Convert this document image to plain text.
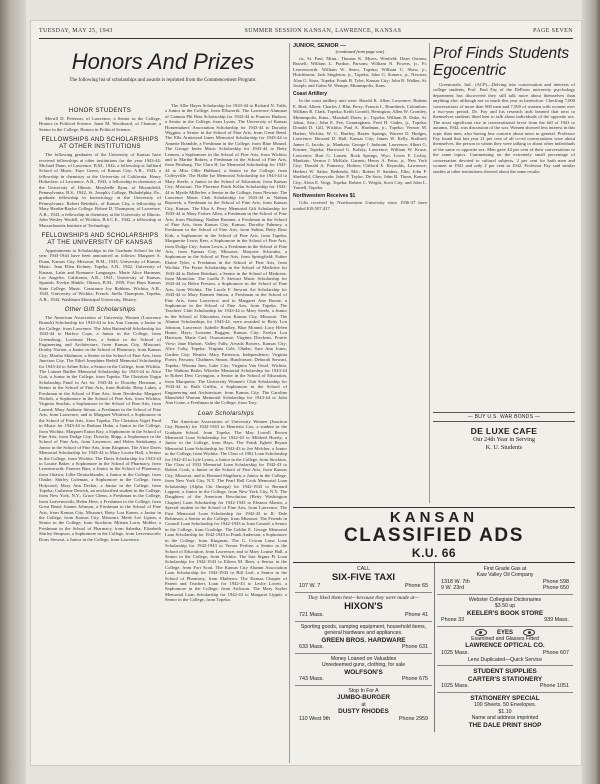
TUESDAY, MAY 25, 1943	SUMMER SESSION KANSAN, LAWRENCE, KANSAS	PAGE SEVEN
Honors And Prizes
The following list of scholarships and awards is reprinted from the Commencement Program:
HONOR STUDENTS

Merrill D. Peterson, of Lawrence, a Senior in the College, Honors in Political Science. Janet M. Woodward, of Chanute, a Senior in the College, Honors in Political Science.

FELLOWSHIPS AND SCHOLARSHIPS AT OTHER INSTITUTIONS

The following graduates of the University of Kansas have received fellowships at other institutions for the year 1943-44: Michael Dunn, of Lawrence, B.M., 1942, a fellowship at Juilliard School of Music. Faye Green, of Kansas City, A.B., 1943, a fellowship in chemistry at the University of California. Henry Holtzclaw, of Lawrence, A.B., 1943, a fellowship in chemistry at the University of Illinois. Marybelle Ryan, of Bloomfield, Pennsylvania, B.S., 1942, St. Joseph's College, Philadelphia, Pa., graduate fellowship in bacteriology at the University of Pennsylvania. Robert Reinholz, of Kansas City, a fellowship at Mary Hardin-Baylor College. Robert D. Thompson, of Lawrence, A.B., 1943, a fellowship in chemistry at the University of Illinois. John Wesley Wodell, of Wichita, B.S.C.E., 1942, a fellowship at Massachusetts Institute of Technology.

FELLOWSHIPS AND SCHOLARSHIPS AT THE UNIVERSITY OF KANSAS

Appointments to Scholarships in the Graduate School for the year 1943-1944 have been announced as follows: Margaret A. Dunn, Kansas City, Missouri, B.M., 1943, University of Kansas, Music. Jean Ellen Eichner, Topeka, A.B., 1942, University of Kansas, Latin and Romance Languages. Marie Alice Hartman, Los Angeles, California, A.B., 1941, University of Kansas, Spanish. Evelyn Hinkle, Ottawa, B.M., 1939, Fort Hays Kansas State College, Music. Constance Joy Robbins, Wichita, A.B., 1943, University of Wichita, French. Stella Thompson, Topeka, A.B., 1943, Washburn Municipal University, History.

Other Gift Scholarships

The American Association of University Women (Lawrence Branch) Scholarship for 1943-44 to Iris Ann Coman, a Junior in the College, from Lawrence. The John Battenfeld Scholarship for 1943-44 to Harlow Cope, a Junior in the College, from Greensburg; Lovemao Hess, a Senior in the School of Engineering and Architecture, from Kansas City, Missouri; Dorthy Norton, a Junior in the School of Pharmacy, from Kansas City; Martha Skidmore, a Senior in the School of Fine Arts, from Junction City. The Ethel Josephine Bedell Memorial Scholarship for 1943-44 to Arline Ecke, a Senior in the College, from Wichita. The Lattner Baillee Memorial Scholarship for 1943-44 to Alice Gott, a Junior in the College, from Topeka. The Christian Virgin Scholarship Fund in Art for 1943-44 to Dorothy Hersman, a Senior in the School of Fine Arts, from Buffalo; Betty Lakey, a Freshman in the School of Fine Arts, from Neodesha; Margaret Nichols, a Sophomore in the School of Fine Arts, from Wichita; Virginia Sinclair, a Sophomore in the School of Fine Arts, from Larned; Mary Anthony Simon, a Freshman in the School of Fine Arts, from Lawrence; and to Margaret Whitford, a Sophomore in the School of Fine Arts, from Topeka. The Christian Vogel Fund in Music for 1943-44 to Barbara Huhn, a Junior in the College, from Wichita; Margaret Eaton Kay, a Sophomore in the School of Fine Arts, from Dodge City; Dorothy Shipp, a Sophomore in the School of Fine Arts, from Lawrence; and Helen Steinkamp, a Junior in the School of Fine Arts, from Kingman. The Alice Davis Memorial Scholarship for 1943-44 to Mary Louise Hall, a Senior in the College, from Wichita. The Davis Scholarship for 1943-44 to Louise Baker, a Sophomore in the School of Pharmacy, from Leavenworth; Frances Burr, a Junior in the School of Pharmacy, from Ottawa; Lillie Deutschlander, a Junior in the College, from Olathe; Shirley Coleman, a Sophomore in the College, from Holyrood; Mary Ann Decker, a Junior in the College, from Topeka; Catherine Derrick, an unclassified student in the College, from New York, N.Y.; Grace Glenn, a Freshman in the College, from Leavenworth; Helen Hess, a Freshman in the College, from Great Bend; Joanne Johnson, a Freshman in the School of Fine Arts, from Kansas City, Missouri; Betty Lou Kanen, a Junior in the College, from Kansas City, Missouri; Merle Lee Lipton, a Senior in the College, from Stockton; Miriam Lorry Mohler, a Freshman in the School of Pharmacy, from Sabetha; Elizabeth Shirley Simpson, a Sophomore in the College, from Leavenworth; Doris Stewart, a Junior in the College, from Lawrence.

The Allie Hayes Scholarship for 1943-44 to Richard N. Tubb, a Junior in the College, from Ellsworth. The Lawrence Alumnae of Gamma Phi Beta Scholarship for 1943-44 to Frances Hudson, a Senior in the College, from Lyons. The University of Kansas Homemakers' Association Scholarship for 1943-44 to Dorothy Wiggins, a Senior in the School of Fine Arts, from Great Bend. The Ella Armistead Jones Memorial Scholarship for 1943-44 to Annette Bramble, a Freshman in the College, from Blue Mound. The George Innes Music Scholarship for 1943-44 to Betty Lennen, a Sophomore in the School of Fine Arts, from Wichita; and to Marthe Rohrer, a Freshman in the School of Fine Arts, from Pittsburg. The Clara H. Ise Memorial Scholarship for 1943-44 to Miss Ollie Hubbard, a Senior in the College, from Coffeyville. The Hallie Ise Memorial Scholarship for 1943-44 to Mary Steele, a Junior in the School of Education, from Kansas City, Missouri. The Florence Finch Kellar Scholarship for 1943-44 to Myrtle Millerlee, a Senior in the College, from Newton. The Lawrence Music Club Scholarship for 1943-44 to Nathan Rayneck, a Freshman in the School of Fine Arts, from Kansas City, Kansas. The Elsa A. Perry Memorial Gift Scholarship for 1943-44 to Mary Forbes Allen, a Freshman in the School of Fine Arts, from Pittsburg; Nadine Brunner, a Freshman in the School of Fine Arts, from Kansas City, Kansas; Dorothy Fahnsey, a Freshman in the School of Fine Arts, from Salina; Betty Ross Kirk, a Sophomore in the School of Fine Arts, from Topeka; Marguerite Lewis Kerr, a Sophomore in the School of Fine Arts, from Dodge City; Joann Lewis, a Freshman in the School of Fine Arts, from Kansas City, Missouri; Marjorie Schwalm, a Sophomore in the School of Fine Arts, from Springfield; Esther Elaine Tyler, a Freshman in the School of Fine Arts, from Wichita. The Porter Scholarship in the School of Medicine for 1943-44 to Robert Reinhart, a Senior in the School of Medicine, from Montclair. The Luella F. Stewart Music Scholarship for 1943-44 to Helen Preston, a Sophomore in the School of Fine Arts, from Wichita. The Lucile F. Stewart Art Scholarship for 1943-44 to Mary Emmett Sinton, a Freshman in the School of Fine Arts, from Lawrence; and to Margaret Ann Boone, a Sophomore in the School of Fine Arts, from Topeka. The Teachers' Club Scholarship for 1943-44 to Mary Steele, a Junior in the School of Education, from Kansas City, Missouri. The Alumni Scholarships for 1943-44, were awarded to Betty Lou Johnson, Lawrence; Isabelle Bradley, Blue Mound; Lucy Helen Hurne, Hays; Lorraine Boggan, Kansas City; Evelyn Lou Harrison; Marie Carl, Osawatomie; Virginia Dieckens, Prairie View; Jane Ehrhart, Valley Falls; Arvada Bowers, Kansas City; Alice Coby, Topeka; Virginia Cole, Olathe; Sara Ann Jones, Garden City; Beatrix Mary Patterson, Independence; Virginia Porter, Parsons; Chalmers Simon, Hutchinson; Deborah Stewart, Topeka; Winona Ines, Lake City; Virginia Van Ossel, Wichita. The Watkins Bailes Wheeler Memorial Scholarship for 1943-44 to Robert Dew Covington, a Senior in the School of Education, from Marquette. The University Women's Club Scholarship for 1943-44 to Ruth Griffin, a Sophomore in the School of Engineering and Architecture, from Kansas City. The Caroline Mansfield Woman Memorial Scholarship for 1943-44 to Julia Ann Crane, a Freshman in the College, from Troy.

Loan Scholarships

The American Association of University Women (Junction City Branch) for 1942-1943 to Henrietta Cox, a student in the Graduate School, from Topeka. The May Lowell Brown Memorial Loan Scholarship for 1942-43 to Mildred Huerly, a Junior in the College, from Hays. The Frank Egbert Bryant Memorial Loan Scholarship for 1942-43 to Joe Melcher, a Junior in the College, from Wichita. The Class of 1902 Loan Scholarship for 1942-43 to Lyle Lyons, a Junior in the College, from Stockton. The Class of 1932 Memorial Loan Scholarship for 1942-43 to Robert Cook, a Junior in the School of Fine Arts, from Kansas City, Missouri, and to Bernard Slagthorn, a Junior in the College, from New York City, N.Y. The Pearl Bell Cook Memorial Loan Scholarship (Alpha Chi Omega) for 1942-1943 to Bernard Lappert, a Junior in the College, from New York City, N.Y. The Daughters of the American Revolution (Betty Washington Chapter) Loan Scholarship for 1942-1943 to Eleanor Martin, a Special student in the School of Fine Arts, from Lawrence. The First Memorial Loan Scholarship for 1942-43 to R. Dale Robinson, a Senior in the College, from Missouri. The Friends in Council Loan Scholarship for 1942-1943 to Joan Conard, a Senior in the College, from Coolidge. The Goblin E. George Memorial Loan Scholarship for 1942-1943 to Frank Anderson, a Sophomore in the College, from Kingman. The G. Cowan Luna Loan Scholarship for 1942-1943 to Vernor Ferline, a Senior in the School of Education, from Lawrence; and to Mary Louise Hall, a Senior in the College, from Wichita. The Iota Sigma Pi Loan Scholarship for 1942-1943 to Eileen M. Rees, a Senior in the College, from Fort Scott. The Kansas City Alumni Association Loan Scholarship for 1942-1943 to Bill Leal, a Senior in the School of Pharmacy, from Mathews. The Kansas Chapter of Parent and Teachers Loan for 1942-43 to Leslie Lovett, a Sophomore in the College, from Atchison. The Mary Sayles Memorial Loan Scholarship for 1942-43 to Margaret Lippitt, a Senior in the College, from Topeka.

JUNIOR, SENIOR —
(continued from page one)

ris, St. Paul, Minn.; Thomas K. Myers, Winfield; Dean Ostrum, Russell; William L. Purdue, Parsons; William N. Powers, jr., Ft. Leavenworth. William W. Sears, Topeka; William C. Shaw, jr., Hutchinson; Jack Singleton, jr., Topeka; John G. Somers, jr., Newton; Alan G. Stotz, Topeka; Frank B. Tyler, Kansas City; John R. Walker, St. Joseph; and Galen W. Wempe, Minneapolis, Kans.

Coast Artillery

In the coast artillery unit were: Harold K. Allen, Lawrence; Rubens E. Bird, Albert; Charles J. Blin, Perry; Francis L. Brumbeck, Colombus; William R. Clark, Topeka; Keith Cornell, Herington; Allen W. Cromley, Minneapolis, Kans.; Marshall Davis, jr., Topeka; William B. Duke, St. Johns, Ariz.; John E. Fee, Cunningham. Fred H. Gades, jr., Topeka; Donald D. Gill, Wichita; Paul A. Hardman, jr., Topeka; Vernon M. Harlan, Wichita; W. C. Hartley, Baxter Springs; Warren D. Hodges, Lawrence; Howard D. Hull, Kansas City; James W. Kelly, Stafford; James G. Jacobs, jr., Mankato; George J. Judsonn, Lawrence; Albert G. Kistner, Topeka; Harwood G. Kolsky, Lawrence; William W. Kruse, Lawrence; Burt G. Larsen, Rock Springs, Wyo. Lewis F. Lichty, Mankato; Vernon J. McKale, Garnett; Henry A. Petro, jr., New York City; Donald A. Pomeroy, Holton; Clifford E. Reynolds, Lawrence; Herbert W. Salter, Bethesda, Md.; Robert P. Sanders, Elks; John F. Sheffield, Cherryvale; John P. Taylor, De Soto; John B. Thom, Kansas City; Alvin E. Voigt, Topeka; Robert C. Wright, Scott City; and John L. Yarnell, Topeka.

Northwestern Receives $1

Gifts received by Northwestern University since 1936-37 have totaled $18,507,437.

Prof Finds Students Egocentric

Greencastle, Ind., (ACP)—Delving into conversation and interests of college students, Prof. Paul Fay of the DePauw university psychology department has discovered they still talk more about themselves than anything else, although not so much this year as heretofore. Checking 7,000 conversations of more than 900 men and 7,500 of women with women over a two-year period, Dr. Fay and his research aids learned that next to themselves students liked best to talk about individuals of the opposite sex. The most significant rise in conversational favor from the fall of 1941 to autumn, 1942, was discussion of the war. Women showed less interest in this topic than men, also having less concern about news in general. Professor Fay found that last year 21 per cent of all co-ed conversations were about themselves, the person to whom they were talking or about other individuals of the same or opposite sex. Men gave 44 per cent of their conversations to the same topics. Commenting on the extremely small percentage of conversation devoted to cultural subjects, 2 per cent for both men and women in 1941 and only 2 per cent in 1942, Professor Fay said similar studies at other institutions showed about the same results.

— BUY U.S. WAR BONDS —
DE LUXE CAFE
Our 24th Year in Serving
K. U. Students
KANSAN
CLASSIFIED ADS
K.U. 66
CALL
SIX-FIVE TAXI
107 W. 7	Phone 65
They liked them best—because they were made at—
HIXON'S
721 Mass.	Phone 41
Sporting goods, camping equipment, household items, general hardware and appliances.
GREEN BROS. HARDWARE
633 Mass.	Phone 631
Money Loaned on Valuables
Unredeemed guns, clothing, for sale
WOLFSON'S
743 Mass.	Phone 675
Stop In For A
JUMBO-BURGER
at
DUSTY RHODES
110 West 9th	Phone 2959
First Grade Gas at
Kaw Valley Oil Company
1318 W. 7th	Phone 598
9 W. 23rd	Phone 650
Webster Collegiate Dictionaries
$3.50 up
KEELER'S BOOK STORE
Phone 33	939 Mass.
EYES
Examined and Glasses Fitted
LAWRENCE OPTICAL CO.
1025 Mass.	Phone 607
Lens Duplicated—Quick Service
STUDENT SUPPLIES
CARTER'S STATIONERY
1025 Mass.	Phone 1051
STATIONERY SPECIAL
100 Sheets. 50 Envelopes.
$1.10
Name and address imprinted
THE DALE PRINT SHOP
